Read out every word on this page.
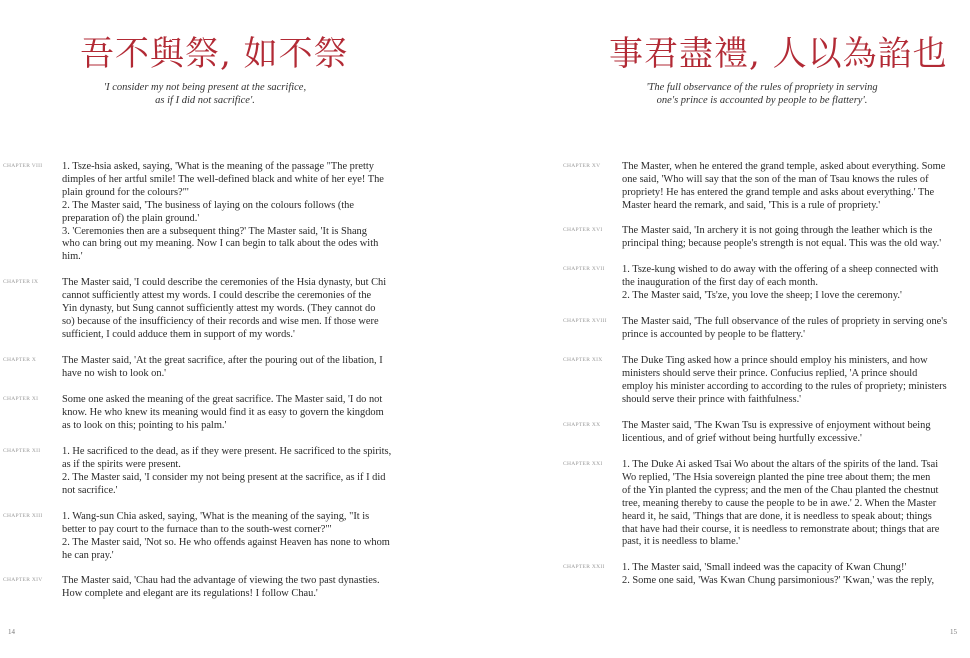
吾不與祭, 如不祭
'I consider my not being present at the sacrifice,
as if I did not sacrifice'.
CHAPTER VIII	1. Tsze-hsia asked, saying, 'What is the meaning of the passage "The pretty
dimples of her artful smile! The well-defined black and white of her eye! The
plain ground for the colours?"'
2. The Master said, 'The business of laying on the colours follows (the
preparation of) the plain ground.'
3. 'Ceremonies then are a subsequent thing?' The Master said, 'It is Shang
who can bring out my meaning. Now I can begin to talk about the odes with
him.'
CHAPTER IX	The Master said, 'I could describe the ceremonies of the Hsia dynasty, but Chi
cannot sufficiently attest my words. I could describe the ceremonies of the
Yin dynasty, but Sung cannot sufficiently attest my words. (They cannot do
so) because of the insufficiency of their records and wise men. If those were
sufficient, I could adduce them in support of my words.'
CHAPTER X	The Master said, 'At the great sacrifice, after the pouring out of the libation, I
have no wish to look on.'
CHAPTER XI	Some one asked the meaning of the great sacrifice. The Master said, 'I do not
know. He who knew its meaning would find it as easy to govern the kingdom
as to look on this; pointing to his palm.'
CHAPTER XII	1. He sacrificed to the dead, as if they were present. He sacrificed to the spirits,
as if the spirits were present.
2. The Master said, 'I consider my not being present at the sacrifice, as if I did
not sacrifice.'
CHAPTER XIII	1. Wang-sun Chia asked, saying, 'What is the meaning of the saying, "It is
better to pay court to the furnace than to the south-west corner?"'
2. The Master said, 'Not so. He who offends against Heaven has none to whom
he can pray.'
CHAPTER XIV	The Master said, 'Chau had the advantage of viewing the two past dynasties.
How complete and elegant are its regulations! I follow Chau.'
14
事君盡禮, 人以為諂也
'The full observance of the rules of propriety in serving
one's prince is accounted by people to be flattery'.
CHAPTER XV	The Master, when he entered the grand temple, asked about everything. Some
one said, 'Who will say that the son of the man of Tsau knows the rules of
propriety! He has entered the grand temple and asks about everything.' The
Master heard the remark, and said, 'This is a rule of propriety.'
CHAPTER XVI	The Master said, 'In archery it is not going through the leather which is the
principal thing; because people's strength is not equal. This was the old way.'
CHAPTER XVII	1. Tsze-kung wished to do away with the offering of a sheep connected with
the inauguration of the first day of each month.
2. The Master said, 'Ts'ze, you love the sheep; I love the ceremony.'
CHAPTER XVIII	The Master said, 'The full observance of the rules of propriety in serving one's
prince is accounted by people to be flattery.'
CHAPTER XIX	The Duke Ting asked how a prince should employ his ministers, and how
ministers should serve their prince. Confucius replied, 'A prince should
employ his minister according to according to the rules of propriety; ministers
should serve their prince with faithfulness.'
CHAPTER XX	The Master said, 'The Kwan Tsu is expressive of enjoyment without being
licentious, and of grief without being hurtfully excessive.'
CHAPTER XXI	1. The Duke Ai asked Tsai Wo about the altars of the spirits of the land. Tsai
Wo replied, 'The Hsia sovereign planted the pine tree about them; the men
of the Yin planted the cypress; and the men of the Chau planted the chestnut
tree, meaning thereby to cause the people to be in awe.' 2. When the Master
heard it, he said, 'Things that are done, it is needless to speak about; things
that have had their course, it is needless to remonstrate about; things that are
past, it is needless to blame.'
CHAPTER XXII	1. The Master said, 'Small indeed was the capacity of Kwan Chung!'
2. Some one said, 'Was Kwan Chung parsimonious?' 'Kwan,' was the reply,
15
